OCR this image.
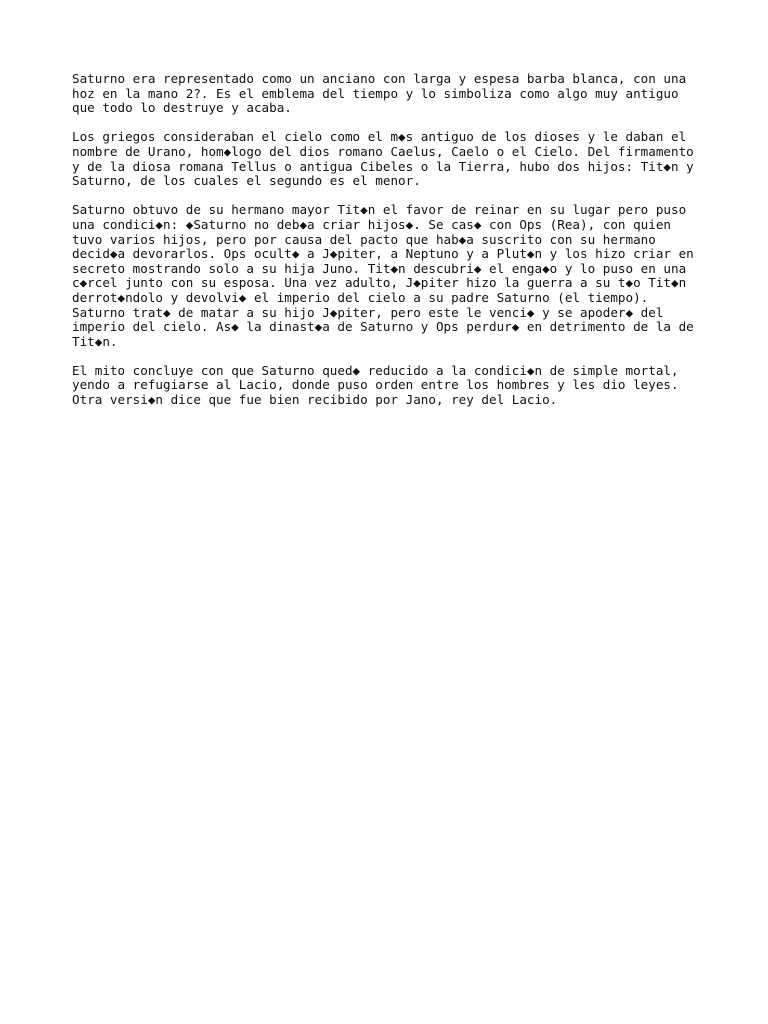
Saturno era representado como un anciano con larga y espesa barba blanca, con una
hoz en la mano 2?. Es el emblema del tiempo y lo simboliza como algo muy antiguo
que todo lo destruye y acaba.

Los griegos consideraban el cielo como el m◆s antiguo de los dioses y le daban el
nombre de Urano, hom◆logo del dios romano Caelus, Caelo o el Cielo. Del firmamento
y de la diosa romana Tellus o antigua Cibeles o la Tierra, hubo dos hijos: Tit◆n y
Saturno, de los cuales el segundo es el menor.

Saturno obtuvo de su hermano mayor Tit◆n el favor de reinar en su lugar pero puso
una condici◆n: ◆Saturno no deb◆a criar hijos◆. Se cas◆ con Ops (Rea), con quien
tuvo varios hijos, pero por causa del pacto que hab◆a suscrito con su hermano
decid◆a devorarlos. Ops ocult◆ a J◆piter, a Neptuno y a Plut◆n y los hizo criar en
secreto mostrando solo a su hija Juno. Tit◆n descubri◆ el enga◆o y lo puso en una
c◆rcel junto con su esposa. Una vez adulto, J◆piter hizo la guerra a su t◆o Tit◆n
derrot◆ndolo y devolvi◆ el imperio del cielo a su padre Saturno (el tiempo).
Saturno trat◆ de matar a su hijo J◆piter, pero este le venci◆ y se apoder◆ del
imperio del cielo. As◆ la dinast◆a de Saturno y Ops perdur◆ en detrimento de la de
Tit◆n.

El mito concluye con que Saturno qued◆ reducido a la condici◆n de simple mortal,
yendo a refugiarse al Lacio, donde puso orden entre los hombres y les dio leyes.
Otra versi◆n dice que fue bien recibido por Jano, rey del Lacio.
